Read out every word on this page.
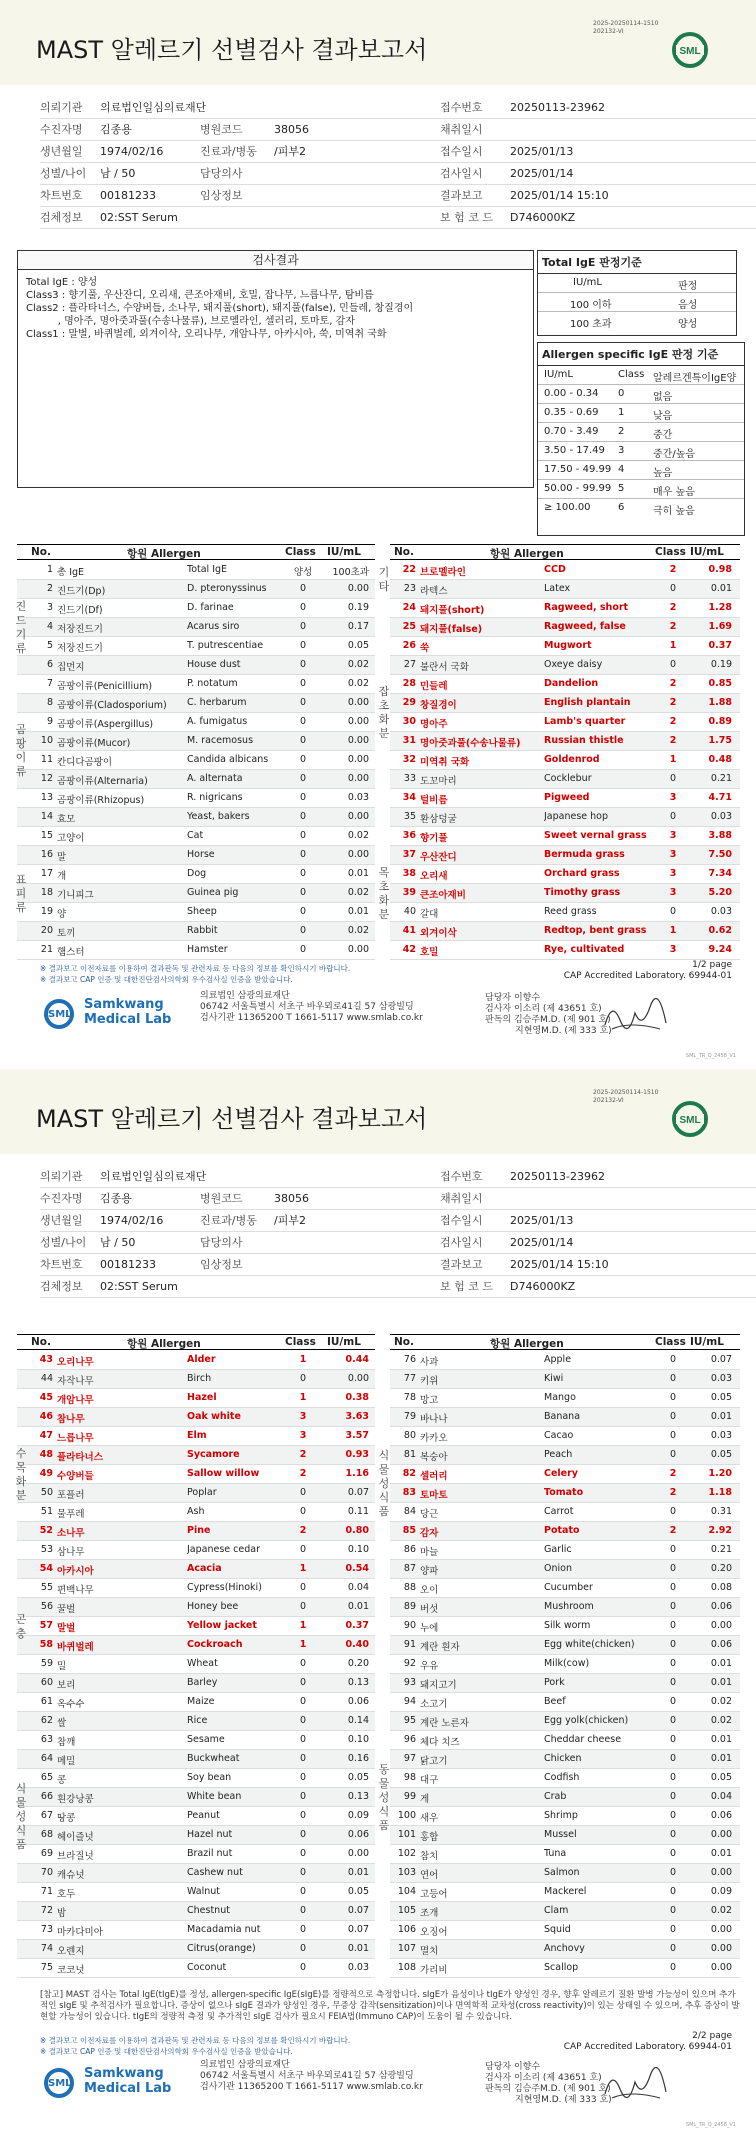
MAST 알레르기 선별검사 결과보고서
2025-20250114-1510
202132-VI
SML
의뢰기관 의료법인일심의료재단	접수번호 20250113-23962
수진자명 김종용	병원코드	38056	채취일시
생년월일 1974/02/16	진료과/병동 /피부2	접수일시 2025/01/13
성별/나이 남 / 50	담당의사	검사일시 2025/01/14
차트번호 00181233	임상정보	결과보고 2025/01/14 15:10
검체정보 02:SST Serum	보 험 코 드 D746000KZ
검사결과
Total IgE : 양성
Class3 : 향기풀, 우산잔디, 오리새, 큰조아재비, 호밀, 잡나무, 느릅나무, 탐비름
Class2 : 플라타너스, 수양버들, 소나무, 돼지풀(short), 돼지풀(false), 민들레, 창질경이
, 명아주, 명아줏과풀(수송나물류), 브로멜라인, 셀러리, 토마토, 감자
Class1 : 말벌, 바퀴벌레, 외겨이삭, 오리나무, 개암나무, 아카시아, 쑥, 미역취 국화
Total IgE 판정기준
IU/mL	판정
100 이하	음성
100 초과	양성
Allergen specific IgE 판정 기준
IU/mL	Class 알레르겐특이IgE양
0.00 - 0.34 0	없음
0.35 - 0.69 1	낮음
0.70 - 3.49 2	중간
3.50 - 17.49 3	중간/높음
17.50 - 49.99 4	높음
50.00 - 99.99 5	매우 높음
≥ 100.00	6	극히 높음
No.	항원 Allergen	Class IU/mL
1 총 IgE	Total IgE	양성	100초과
2 진드기(Dp)	D. pteronyssinus	0	0.00
3 진드기(Df)	D. farinae	0	0.19
4 저장진드기	Acarus siro	0	0.17
5 저장진드기	T. putrescentiae	0	0.05
6 집먼지	House dust	0	0.02
7 곰팡이류(Penicillium)	P. notatum	0	0.02
8 곰팡이류(Cladosporium)	C. herbarum	0	0.00
9 곰팡이류(Aspergillus)	A. fumigatus	0	0.00
10 곰팡이류(Mucor)	M. racemosus	0	0.00
11 칸디다곰팡이	Candida albicans	0	0.00
12 곰팡이류(Alternaria)	A. alternata	0	0.00
13 곰팡이류(Rhizopus)	R. nigricans	0	0.03
14 효모	Yeast, bakers	0	0.00
15 고양이	Cat	0	0.02
16 말	Horse	0	0.00
17 개	Dog	0	0.01
18 기니피그	Guinea pig	0	0.02
19 양	Sheep	0	0.01
20 토끼	Rabbit	0	0.02
21 햄스터	Hamster	0	0.00
진드기류
곰팡이류
표피류
No.	항원 Allergen	Class IU/mL
22 브로멜라인	CCD	2	0.98
23 라텍스	Latex	0	0.01
24 돼지풀(short)	Ragweed, short	2	1.28
25 돼지풀(false)	Ragweed, false	2	1.69
26 쑥	Mugwort	1	0.37
27 불란서 국화	Oxeye daisy	0	0.19
28 민들레	Dandelion	2	0.85
29 창질경이	English plantain	2	1.88
30 명아주	Lamb's quarter	2	0.89
31 명아줏과풀(수송나물류)	Russian thistle	2	1.75
32 미역취 국화	Goldenrod	1	0.48
33 도꼬마리	Cocklebur	0	0.21
34 털비름	Pigweed	3	4.71
35 환삼덩굴	Japanese hop	0	0.03
36 향기풀	Sweet vernal grass	3	3.88
37 우산잔디	Bermuda grass	3	7.50
38 오리새	Orchard grass	3	7.34
39 큰조아재비	Timothy grass	3	5.20
40 갈대	Reed grass	0	0.03
41 외겨이삭	Redtop, bent grass	1	0.62
42 호밀	Rye, cultivated	3	9.24
기타
잡초화분
목초화분
※ 결과보고 이전자료를 이용하여 결과판독 및 관련자료 등 다음의 정보를 확인하시기 바랍니다.
※ 결과보고 CAP 인증 및 대한진단검사의학회 우수검사실 인증을 받았습니다.
1/2 page
CAP Accredited Laboratory. 69944-01
SML
Samkwang
Medical Lab
의료법인 삼광의료재단
06742 서울특별시 서초구 바우뫼로41길 57 삼광빌딩
검사기관 11365200 T 1661-5117 www.smlab.co.kr
담당자 이향수
검사자 이소리 (제 43651 호)
판독의 김승주M.D. (제 901 호)
지현영M.D. (제 333 호)
SML_TR_Q_2458_V1
MAST 알레르기 선별검사 결과보고서
2025-20250114-1510
202132-VI
SML
의뢰기관 의료법인일심의료재단	접수번호 20250113-23962
수진자명 김종용	병원코드	38056	채취일시
생년월일 1974/02/16	진료과/병동 /피부2	접수일시 2025/01/13
성별/나이 남 / 50	담당의사	검사일시 2025/01/14
차트번호 00181233	임상정보	결과보고 2025/01/14 15:10
검체정보 02:SST Serum	보 험 코 드 D746000KZ
No.	항원 Allergen	Class IU/mL
43 오리나무	Alder	1	0.44
44 자작나무	Birch	0	0.00
45 개암나무	Hazel	1	0.38
46 참나무	Oak white	3	3.63
47 느릅나무	Elm	3	3.57
48 플라타너스	Sycamore	2	0.93
49 수양버들	Sallow willow	2	1.16
50 포플러	Poplar	0	0.07
51 물푸레	Ash	0	0.11
52 소나무	Pine	2	0.80
53 삼나무	Japanese cedar	0	0.10
54 아카시아	Acacia	1	0.54
55 편백나무	Cypress(Hinoki)	0	0.04
56 꿀벌	Honey bee	0	0.01
57 말벌	Yellow jacket	1	0.37
58 바퀴벌레	Cockroach	1	0.40
59 밀	Wheat	0	0.20
60 보리	Barley	0	0.13
61 옥수수	Maize	0	0.06
62 쌀	Rice	0	0.14
63 참깨	Sesame	0	0.10
64 메밀	Buckwheat	0	0.16
65 콩	Soy bean	0	0.05
66 흰강낭콩	White bean	0	0.13
67 땅콩	Peanut	0	0.09
68 헤이즐넛	Hazel nut	0	0.06
69 브라질넛	Brazil nut	0	0.00
70 캐슈넛	Cashew nut	0	0.01
71 호두	Walnut	0	0.05
72 밤	Chestnut	0	0.07
73 마카다미아	Macadamia nut	0	0.07
74 오렌지	Citrus(orange)	0	0.01
75 코코넛	Coconut	0	0.03
수목화분
곤충
식물성식품
No.	항원 Allergen	Class IU/mL
76 사과	Apple	0	0.07
77 키위	Kiwi	0	0.03
78 망고	Mango	0	0.05
79 바나나	Banana	0	0.01
80 카카오	Cacao	0	0.03
81 복숭아	Peach	0	0.05
82 셀러리	Celery	2	1.20
83 토마토	Tomato	2	1.18
84 당근	Carrot	0	0.31
85 감자	Potato	2	2.92
86 마늘	Garlic	0	0.21
87 양파	Onion	0	0.20
88 오이	Cucumber	0	0.08
89 버섯	Mushroom	0	0.06
90 누에	Silk worm	0	0.00
91 계란 흰자	Egg white(chicken)	0	0.06
92 우유	Milk(cow)	0	0.01
93 돼지고기	Pork	0	0.01
94 소고기	Beef	0	0.02
95 계란 노른자	Egg yolk(chicken)	0	0.02
96 체다 치즈	Cheddar cheese	0	0.01
97 닭고기	Chicken	0	0.01
98 대구	Codfish	0	0.05
99 게	Crab	0	0.04
100 새우	Shrimp	0	0.06
101 홍합	Mussel	0	0.00
102 참치	Tuna	0	0.01
103 연어	Salmon	0	0.00
104 고등어	Mackerel	0	0.09
105 조개	Clam	0	0.02
106 오징어	Squid	0	0.00
107 멸치	Anchovy	0	0.00
108 가리비	Scallop	0	0.00
식물성식품
동물성식품
[참고] MAST 검사는 Total IgE(tIgE)를 정성, allergen-specific IgE(sIgE)를 정량적으로 측정합니다. sIgE가 음성이나 tIgE가 양성인 경우, 향후 알레르기 질환 발병 가능성이 있으며 추가적인 sIgE 및 추적검사가 필요합니다. 증상이 없으나 sIgE 결과가 양성인 경우, 무증상 감작(sensitization)이나 면역학적 교차성(cross reactivity)이 있는 상태일 수 있으며, 추후 증상이 발현할 가능성이 있습니다. tIgE의 정량적 측정 및 추가적인 sIgE 검사가 필요시 FEIA법(Immuno CAP)이 도움이 될 수 있습니다.
※ 결과보고 이전자료를 이용하여 결과판독 및 관련자료 등 다음의 정보를 확인하시기 바랍니다.
※ 결과보고 CAP 인증 및 대한진단검사의학회 우수검사실 인증을 받았습니다.
2/2 page
CAP Accredited Laboratory. 69944-01
SML
Samkwang
Medical Lab
의료법인 삼광의료재단
06742 서울특별시 서초구 바우뫼로41길 57 삼광빌딩
검사기관 11365200 T 1661-5117 www.smlab.co.kr
담당자 이향수
검사자 이소리 (제 43651 호)
판독의 김승주M.D. (제 901 호)
지현영M.D. (제 333 호)
SML_TR_Q_2458_V1
